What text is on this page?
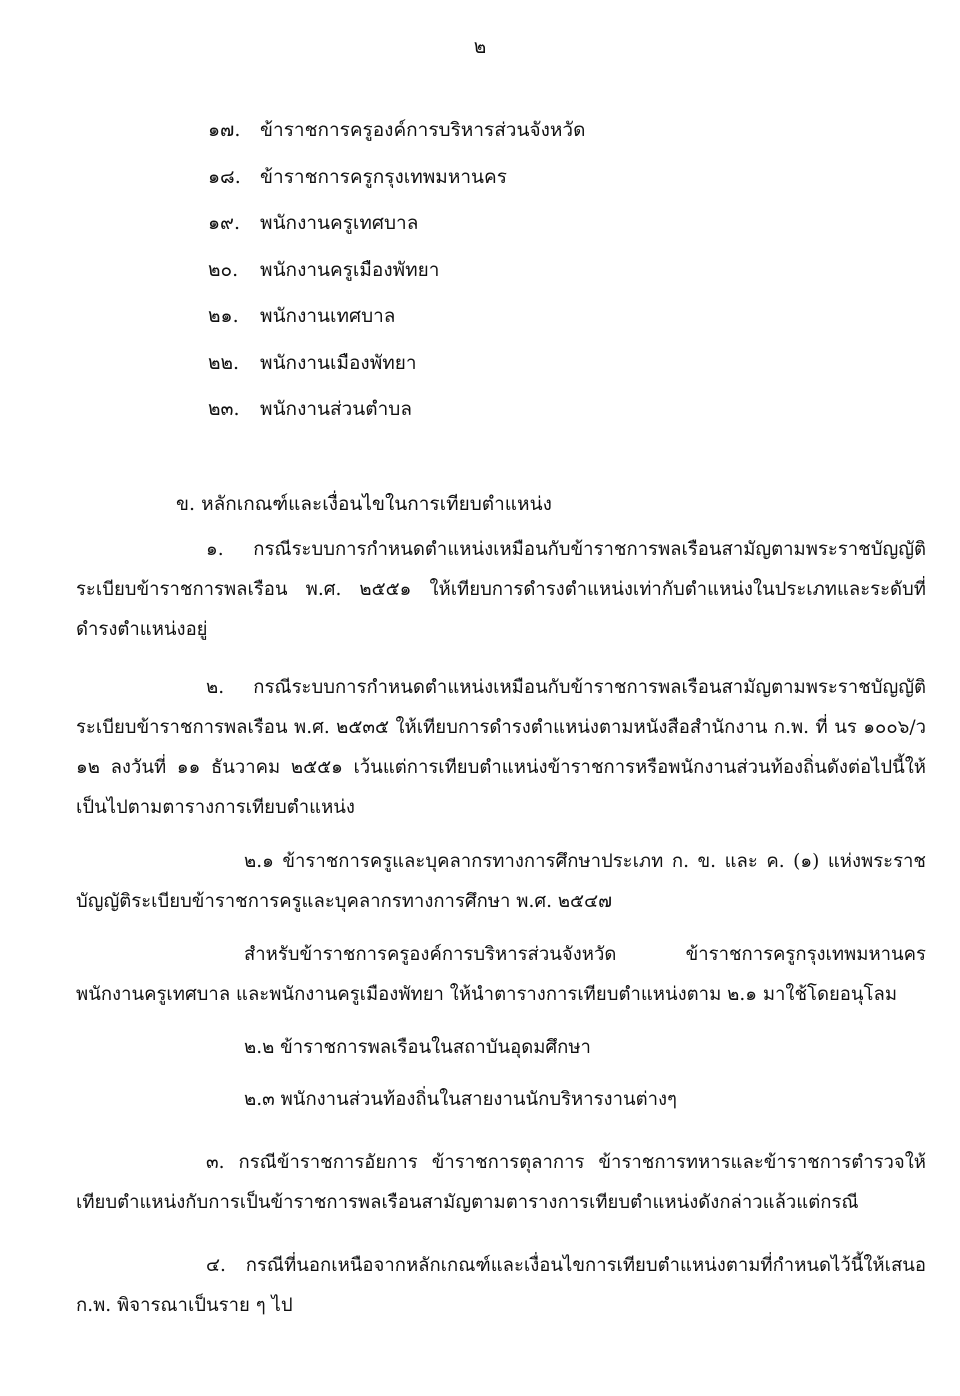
๒
๑๗. ข้าราชการครูองค์การบริหารส่วนจังหวัด
๑๘. ข้าราชการครูกรุงเทพมหานคร
๑๙. พนักงานครูเทศบาล
๒๐. พนักงานครูเมืองพัทยา
๒๑. พนักงานเทศบาล
๒๒. พนักงานเมืองพัทยา
๒๓. พนักงานส่วนตำบล
ข. หลักเกณฑ์และเงื่อนไขในการเทียบตำแหน่ง

๑. กรณีระบบการกำหนดตำแหน่งเหมือนกับข้าราชการพลเรือนสามัญตามพระราชบัญญัติระเบียบข้าราชการพลเรือน พ.ศ. ๒๕๕๑ ให้เทียบการดำรงตำแหน่งเท่ากับตำแหน่งในประเภทและระดับที่ดำรงตำแหน่งอยู่

๒. กรณีระบบการกำหนดตำแหน่งเหมือนกับข้าราชการพลเรือนสามัญตามพระราชบัญญัติระเบียบข้าราชการพลเรือน พ.ศ. ๒๕๓๕ ให้เทียบการดำรงตำแหน่งตามหนังสือสำนักงาน ก.พ. ที่ นร ๑๐๐๖/ว ๑๒ ลงวันที่ ๑๑ ธันวาคม ๒๕๕๑ เว้นแต่การเทียบตำแหน่งข้าราชการหรือพนักงานส่วนท้องถิ่นดังต่อไปนี้ให้เป็นไปตามตารางการเทียบตำแหน่ง

๒.๑ ข้าราชการครูและบุคลากรทางการศึกษาประเภท ก. ข. และ ค. (๑) แห่งพระราชบัญญัติระเบียบข้าราชการครูและบุคลากรทางการศึกษา พ.ศ. ๒๕๔๗

สำหรับข้าราชการครูองค์การบริหารส่วนจังหวัด ข้าราชการครูกรุงเทพมหานคร พนักงานครูเทศบาล และพนักงานครูเมืองพัทยา ให้นำตารางการเทียบตำแหน่งตาม ๒.๑ มาใช้โดยอนุโลม

๒.๒ ข้าราชการพลเรือนในสถาบันอุดมศึกษา
๒.๓ พนักงานส่วนท้องถิ่นในสายงานนักบริหารงานต่างๆ

๓. กรณีข้าราชการอัยการ ข้าราชการตุลาการ ข้าราชการทหารและข้าราชการตำรวจให้เทียบตำแหน่งกับการเป็นข้าราชการพลเรือนสามัญตามตารางการเทียบตำแหน่งดังกล่าวแล้วแต่กรณี

๔. กรณีที่นอกเหนือจากหลักเกณฑ์และเงื่อนไขการเทียบตำแหน่งตามที่กำหนดไว้นี้ให้เสนอ ก.พ. พิจารณาเป็นราย ๆ ไป
